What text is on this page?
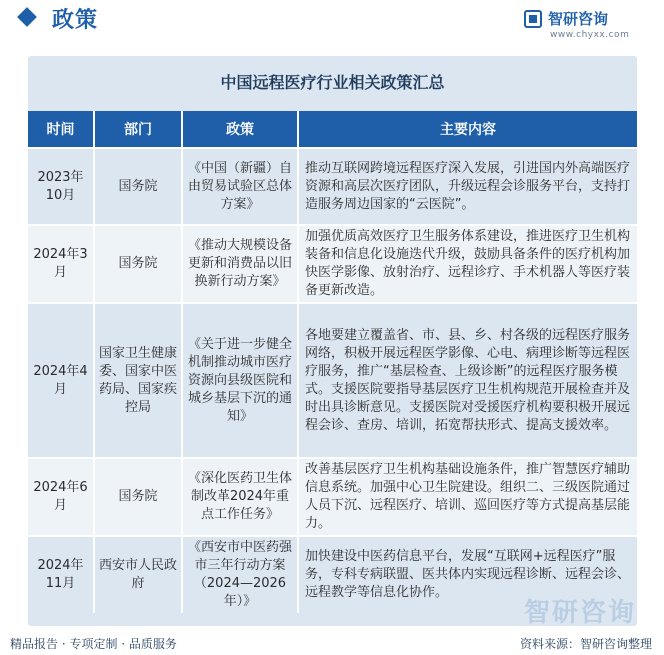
政策	智研咨询
www.chyxx.com
中国远程医疗行业相关政策汇总
时间	部门	政策	主要内容
2023年10月	国务院	《中国（新疆）自由贸易试验区总体方案》	推动互联网跨境远程医疗深入发展，引进国内外高端医疗资源和高层次医疗团队，升级远程会诊服务平台，支持打造服务周边国家的“云医院”。
2024年3月	国务院	《推动大规模设备更新和消费品以旧换新行动方案》	加强优质高效医疗卫生服务体系建设，推进医疗卫生机构装备和信息化设施迭代升级，鼓励具备条件的医疗机构加快医学影像、放射治疗、远程诊疗、手术机器人等医疗装备更新改造。
2024年4月	国家卫生健康委、国家中医药局、国家疾控局	《关于进一步健全机制推动城市医疗资源向县级医院和城乡基层下沉的通知》	各地要建立覆盖省、市、县、乡、村各级的远程医疗服务网络，积极开展远程医学影像、心电、病理诊断等远程医疗服务，推广“基层检查、上级诊断”的远程医疗服务模式。支援医院要指导基层医疗卫生机构规范开展检查并及时出具诊断意见。支援医院对受援医疗机构要积极开展远程会诊、查房、培训，拓宽帮扶形式、提高支援效率。
2024年6月	国务院	《深化医药卫生体制改革2024年重点工作任务》	改善基层医疗卫生机构基础设施条件，推广智慧医疗辅助信息系统。加强中心卫生院建设。组织二、三级医院通过人员下沉、远程医疗、培训、巡回医疗等方式提高基层能力。
2024年11月	西安市人民政府	《西安市中医药强市三年行动方案（2024—2026年）》	加快建设中医药信息平台，发展“互联网+远程医疗”服务，专科专病联盟、医共体内实现远程诊断、远程会诊、远程教学等信息化协作。
智研咨询
精品报告 · 专项定制 · 品质服务	资料来源：智研咨询整理
